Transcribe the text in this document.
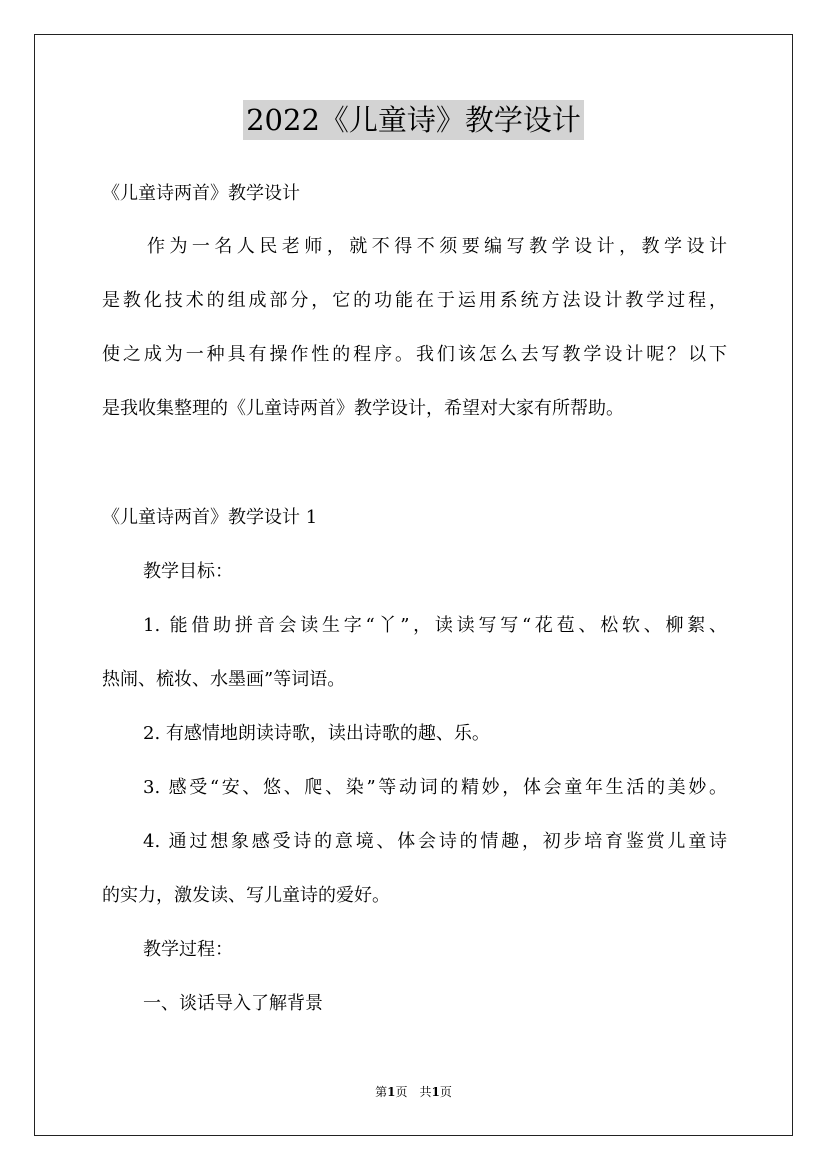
2022《儿童诗》教学设计

《儿童诗两首》教学设计

　　作为一名人民老师，就不得不须要编写教学设计，教学设计

是教化技术的组成部分，它的功能在于运用系统方法设计教学过程，

使之成为一种具有操作性的程序。我们该怎么去写教学设计呢？以下

是我收集整理的《儿童诗两首》教学设计，希望对大家有所帮助。

《儿童诗两首》教学设计 1

教学目标：

1. 能借助拼音会读生字“丫”，读读写写“花苞、松软、柳絮、

热闹、梳妆、水墨画”等词语。

2. 有感情地朗读诗歌，读出诗歌的趣、乐。

3. 感受“安、悠、爬、染”等动词的精妙，体会童年生活的美妙。

4. 通过想象感受诗的意境、体会诗的情趣，初步培育鉴赏儿童诗

的实力，激发读、写儿童诗的爱好。

教学过程：

一、谈话导入了解背景

第1页　共1页
